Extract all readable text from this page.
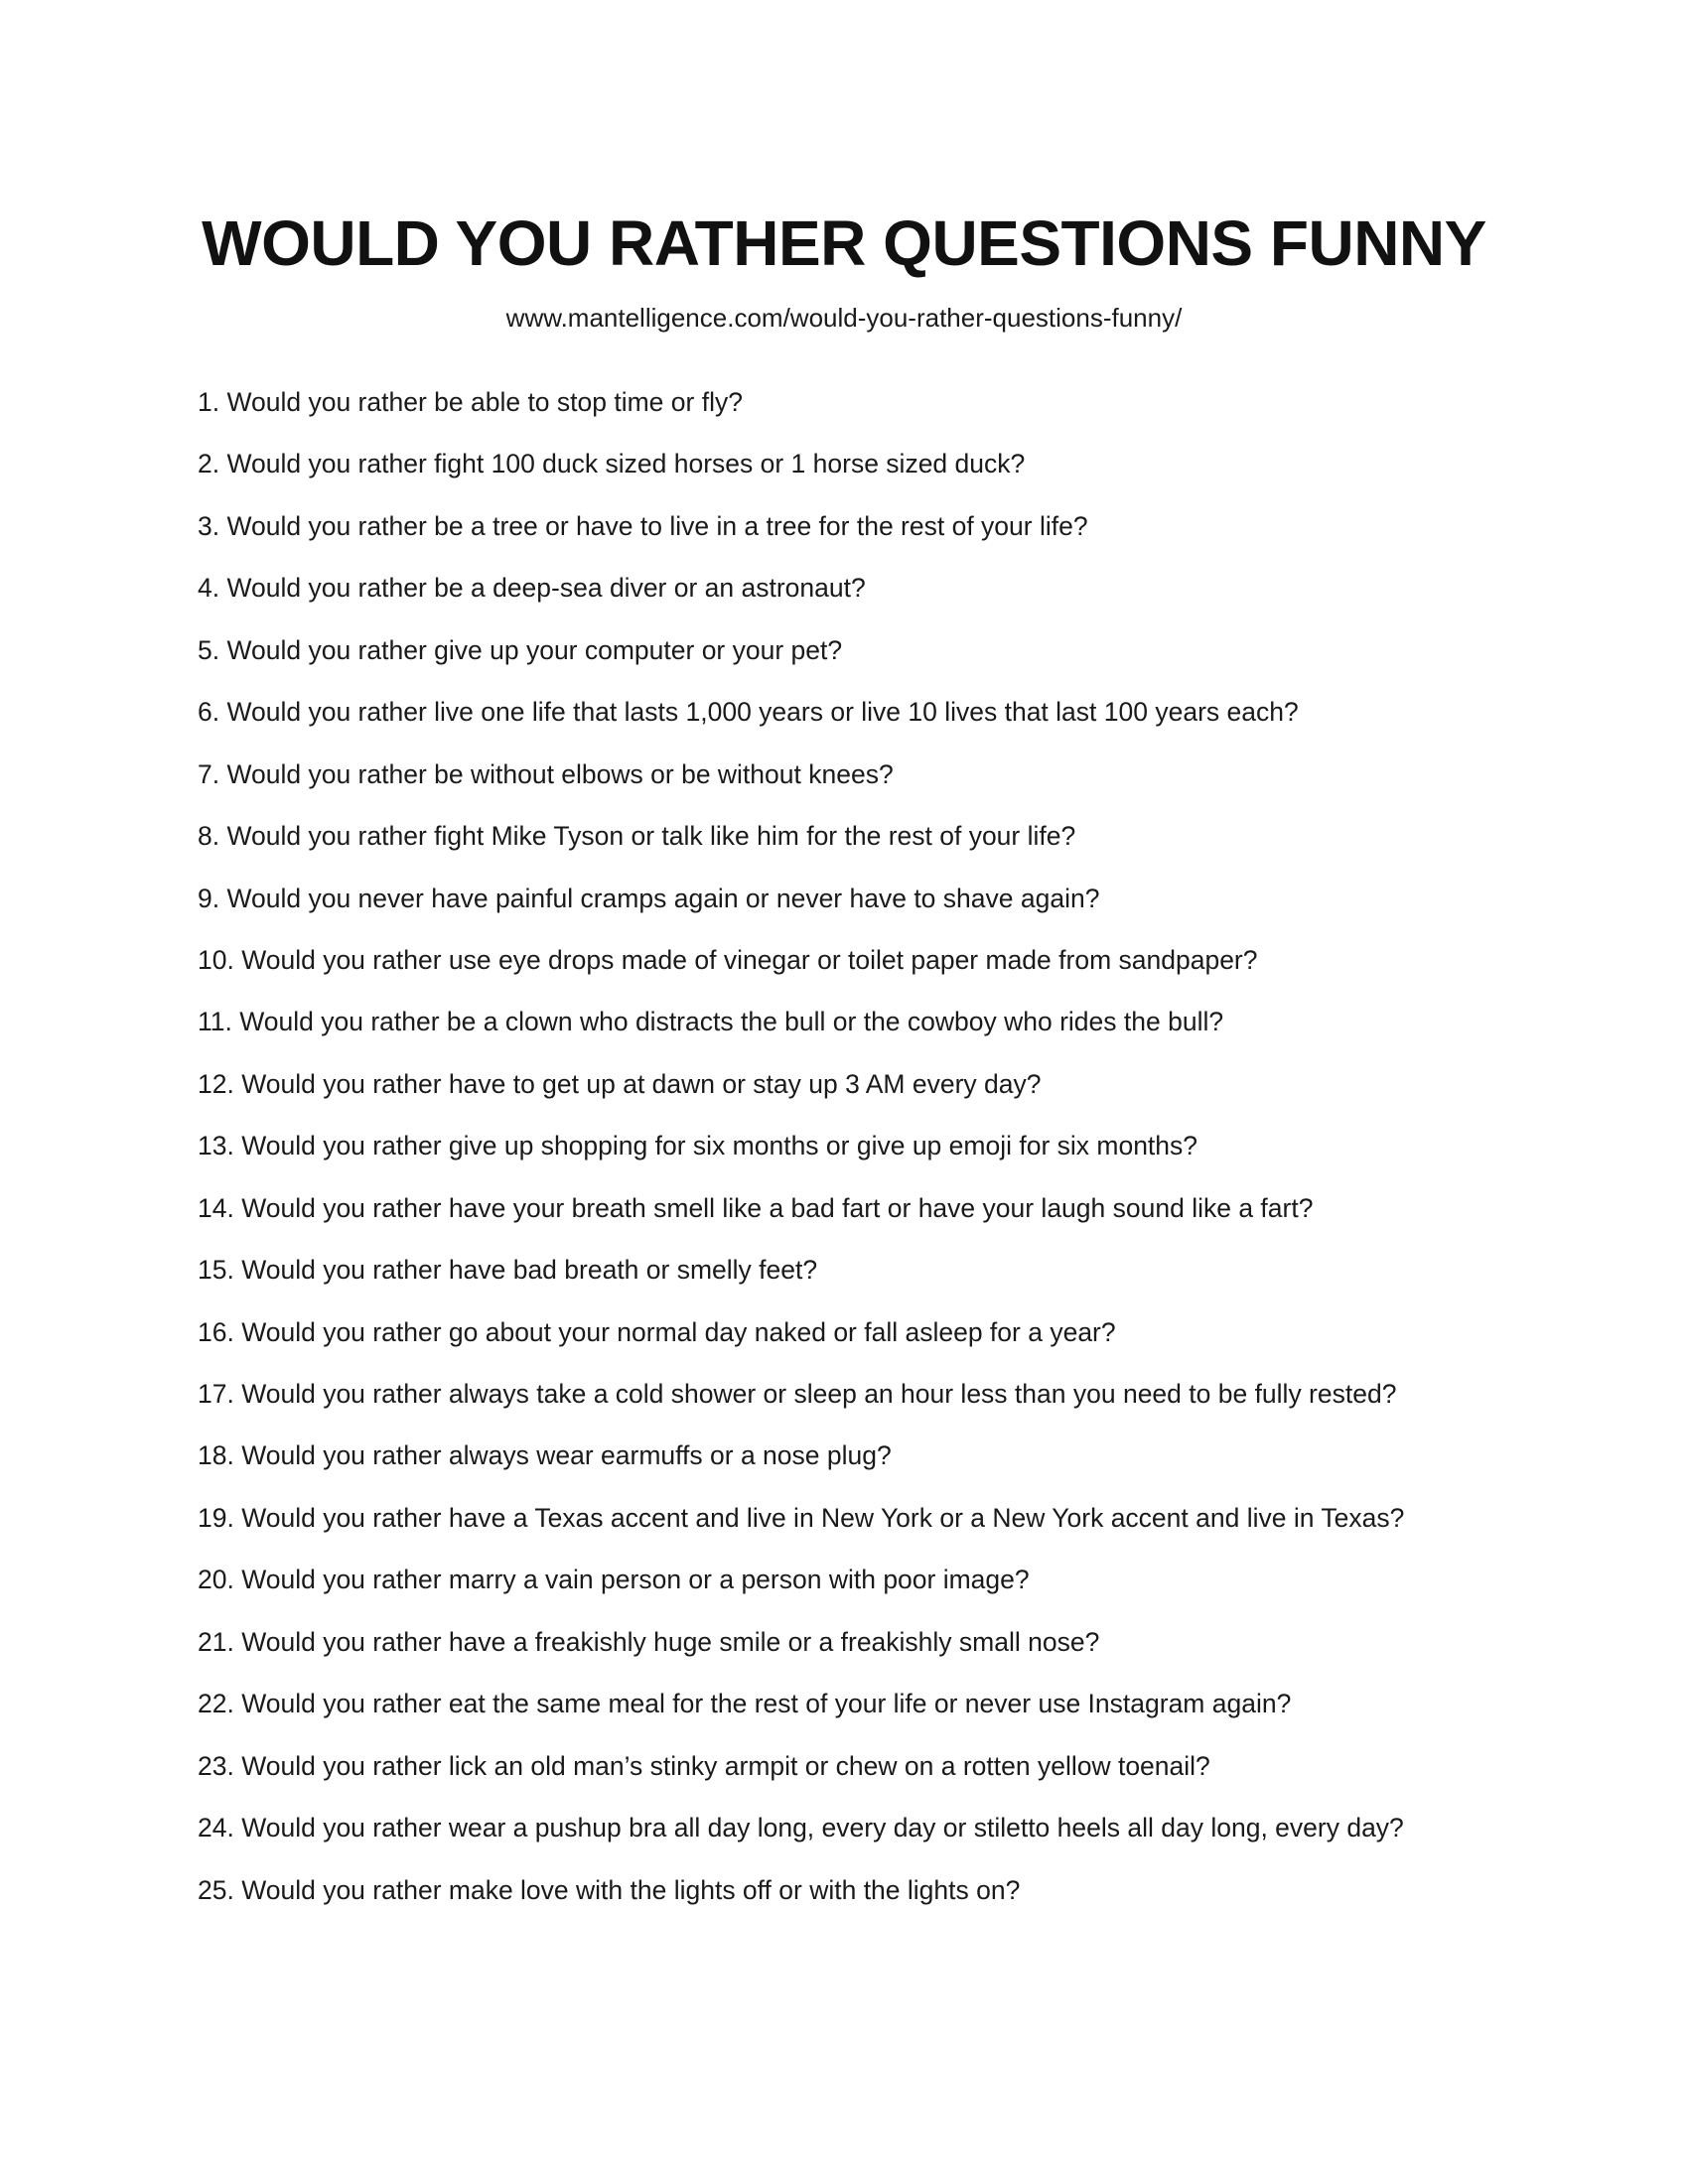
WOULD YOU RATHER QUESTIONS FUNNY
www.mantelligence.com/would-you-rather-questions-funny/
1. Would you rather be able to stop time or fly?
2. Would you rather fight 100 duck sized horses or 1 horse sized duck?
3. Would you rather be a tree or have to live in a tree for the rest of your life?
4. Would you rather be a deep-sea diver or an astronaut?
5. Would you rather give up your computer or your pet?
6. Would you rather live one life that lasts 1,000 years or live 10 lives that last 100 years each?
7. Would you rather be without elbows or be without knees?
8. Would you rather fight Mike Tyson or talk like him for the rest of your life?
9. Would you never have painful cramps again or never have to shave again?
10. Would you rather use eye drops made of vinegar or toilet paper made from sandpaper?
11. Would you rather be a clown who distracts the bull or the cowboy who rides the bull?
12. Would you rather have to get up at dawn or stay up 3 AM every day?
13. Would you rather give up shopping for six months or give up emoji for six months?
14. Would you rather have your breath smell like a bad fart or have your laugh sound like a fart?
15. Would you rather have bad breath or smelly feet?
16. Would you rather go about your normal day naked or fall asleep for a year?
17. Would you rather always take a cold shower or sleep an hour less than you need to be fully rested?
18. Would you rather always wear earmuffs or a nose plug?
19. Would you rather have a Texas accent and live in New York or a New York accent and live in Texas?
20. Would you rather marry a vain person or a person with poor image?
21. Would you rather have a freakishly huge smile or a freakishly small nose?
22. Would you rather eat the same meal for the rest of your life or never use Instagram again?
23. Would you rather lick an old man’s stinky armpit or chew on a rotten yellow toenail?
24. Would you rather wear a pushup bra all day long, every day or stiletto heels all day long, every day?
25. Would you rather make love with the lights off or with the lights on?
